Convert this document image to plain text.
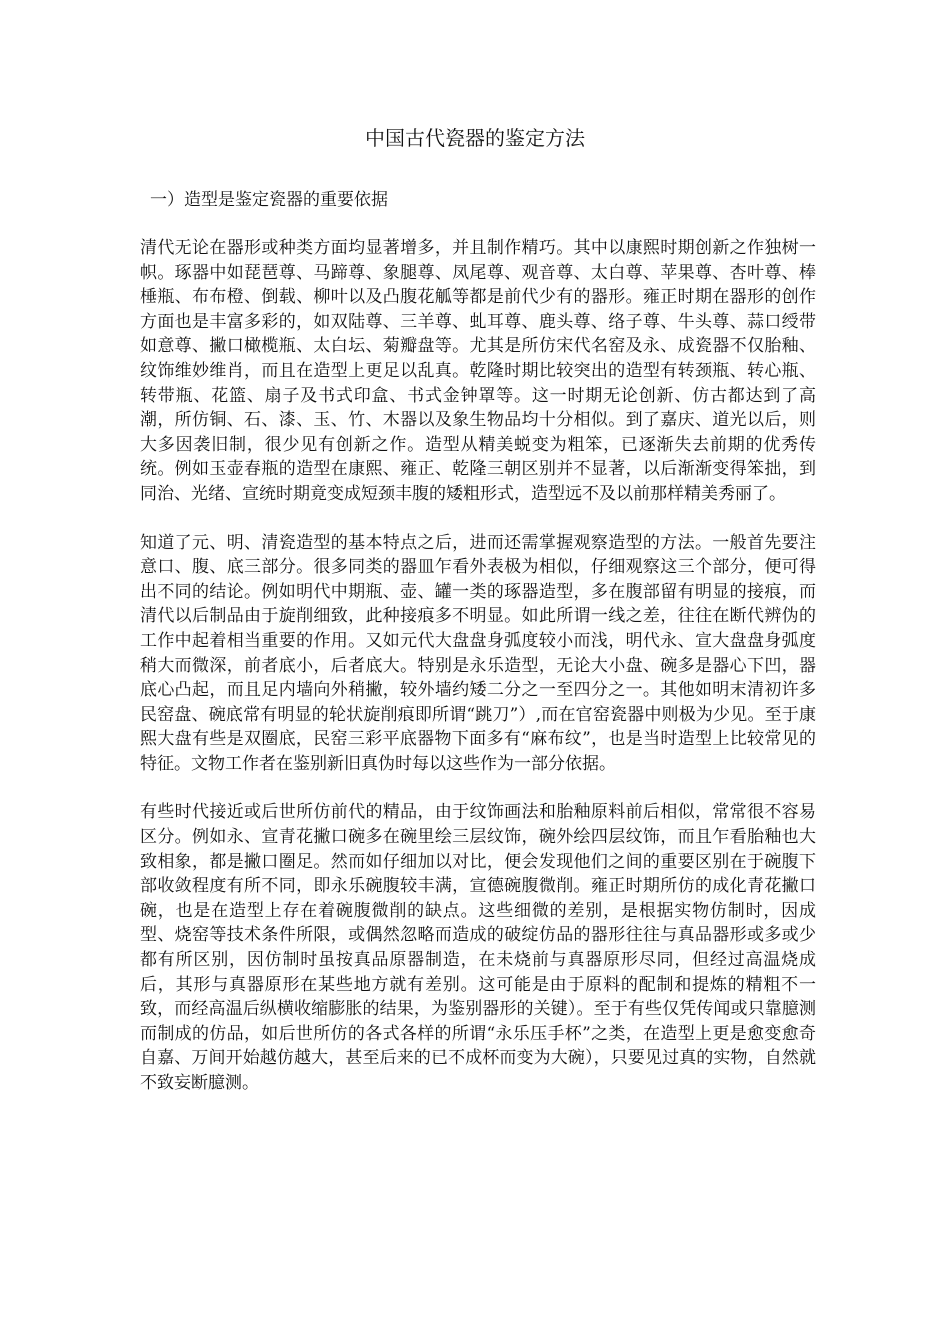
中国古代瓷器的鉴定方法
一）造型是鉴定瓷器的重要依据

清代无论在器形或种类方面均显著增多，并且制作精巧。其中以康熙时期创新之作独树一帜。琢器中如琵琶尊、马蹄尊、象腿尊、凤尾尊、观音尊、太白尊、苹果尊、杏叶尊、棒棰瓶、布布橙、倒载、柳叶以及凸腹花觚等都是前代少有的器形。雍正时期在器形的创作方面也是丰富多彩的，如双陆尊、三羊尊、虬耳尊、鹿头尊、络子尊、牛头尊、蒜口绶带如意尊、撇口橄榄瓶、太白坛、菊瓣盘等。尤其是所仿宋代名窑及永、成瓷器不仅胎釉、纹饰维妙维肖，而且在造型上更足以乱真。乾隆时期比较突出的造型有转颈瓶、转心瓶、转带瓶、花篮、扇子及书式印盒、书式金钟罩等。这一时期无论创新、仿古都达到了高潮，所仿铜、石、漆、玉、竹、木器以及象生物品均十分相似。到了嘉庆、道光以后，则大多因袭旧制，很少见有创新之作。造型从精美蜕变为粗笨，已逐渐失去前期的优秀传统。例如玉壶春瓶的造型在康熙、雍正、乾隆三朝区别并不显著，以后渐渐变得笨拙，到同治、光绪、宣统时期竟变成短颈丰腹的矮粗形式，造型远不及以前那样精美秀丽了。

知道了元、明、清瓷造型的基本特点之后，进而还需掌握观察造型的方法。一般首先要注意口、腹、底三部分。很多同类的器皿乍看外表极为相似，仔细观察这三个部分，便可得出不同的结论。例如明代中期瓶、壶、罐一类的琢器造型，多在腹部留有明显的接痕，而清代以后制品由于旋削细致，此种接痕多不明显。如此所谓一线之差，往往在断代辨伪的工作中起着相当重要的作用。又如元代大盘盘身弧度较小而浅，明代永、宣大盘盘身弧度稍大而微深，前者底小，后者底大。特别是永乐造型，无论大小盘、碗多是器心下凹，器底心凸起，而且足内墙向外稍撇，较外墙约矮二分之一至四分之一。其他如明末清初许多民窑盘、碗底常有明显的轮状旋削痕即所谓“跳刀”）,而在官窑瓷器中则极为少见。至于康熙大盘有些是双圈底，民窑三彩平底器物下面多有“麻布纹”，也是当时造型上比较常见的特征。文物工作者在鉴别新旧真伪时每以这些作为一部分依据。

有些时代接近或后世所仿前代的精品，由于纹饰画法和胎釉原料前后相似，常常很不容易区分。例如永、宣青花撇口碗多在碗里绘三层纹饰，碗外绘四层纹饰，而且乍看胎釉也大致相象，都是撇口圈足。然而如仔细加以对比，便会发现他们之间的重要区别在于碗腹下部收敛程度有所不同，即永乐碗腹较丰满，宣德碗腹微削。雍正时期所仿的成化青花撇口碗，也是在造型上存在着碗腹微削的缺点。这些细微的差别，是根据实物仿制时，因成型、烧窑等技术条件所限，或偶然忽略而造成的破绽仿品的器形往往与真品器形或多或少都有所区别，因仿制时虽按真品原器制造，在未烧前与真器原形尽同，但经过高温烧成后，其形与真器原形在某些地方就有差别。这可能是由于原料的配制和提炼的精粗不一致，而经高温后纵横收缩膨胀的结果，为鉴别器形的关键）。至于有些仅凭传闻或只靠臆测而制成的仿品，如后世所仿的各式各样的所谓“永乐压手杯”之类，在造型上更是愈变愈奇自嘉、万间开始越仿越大，甚至后来的已不成杯而变为大碗），只要见过真的实物，自然就不致妄断臆测。
